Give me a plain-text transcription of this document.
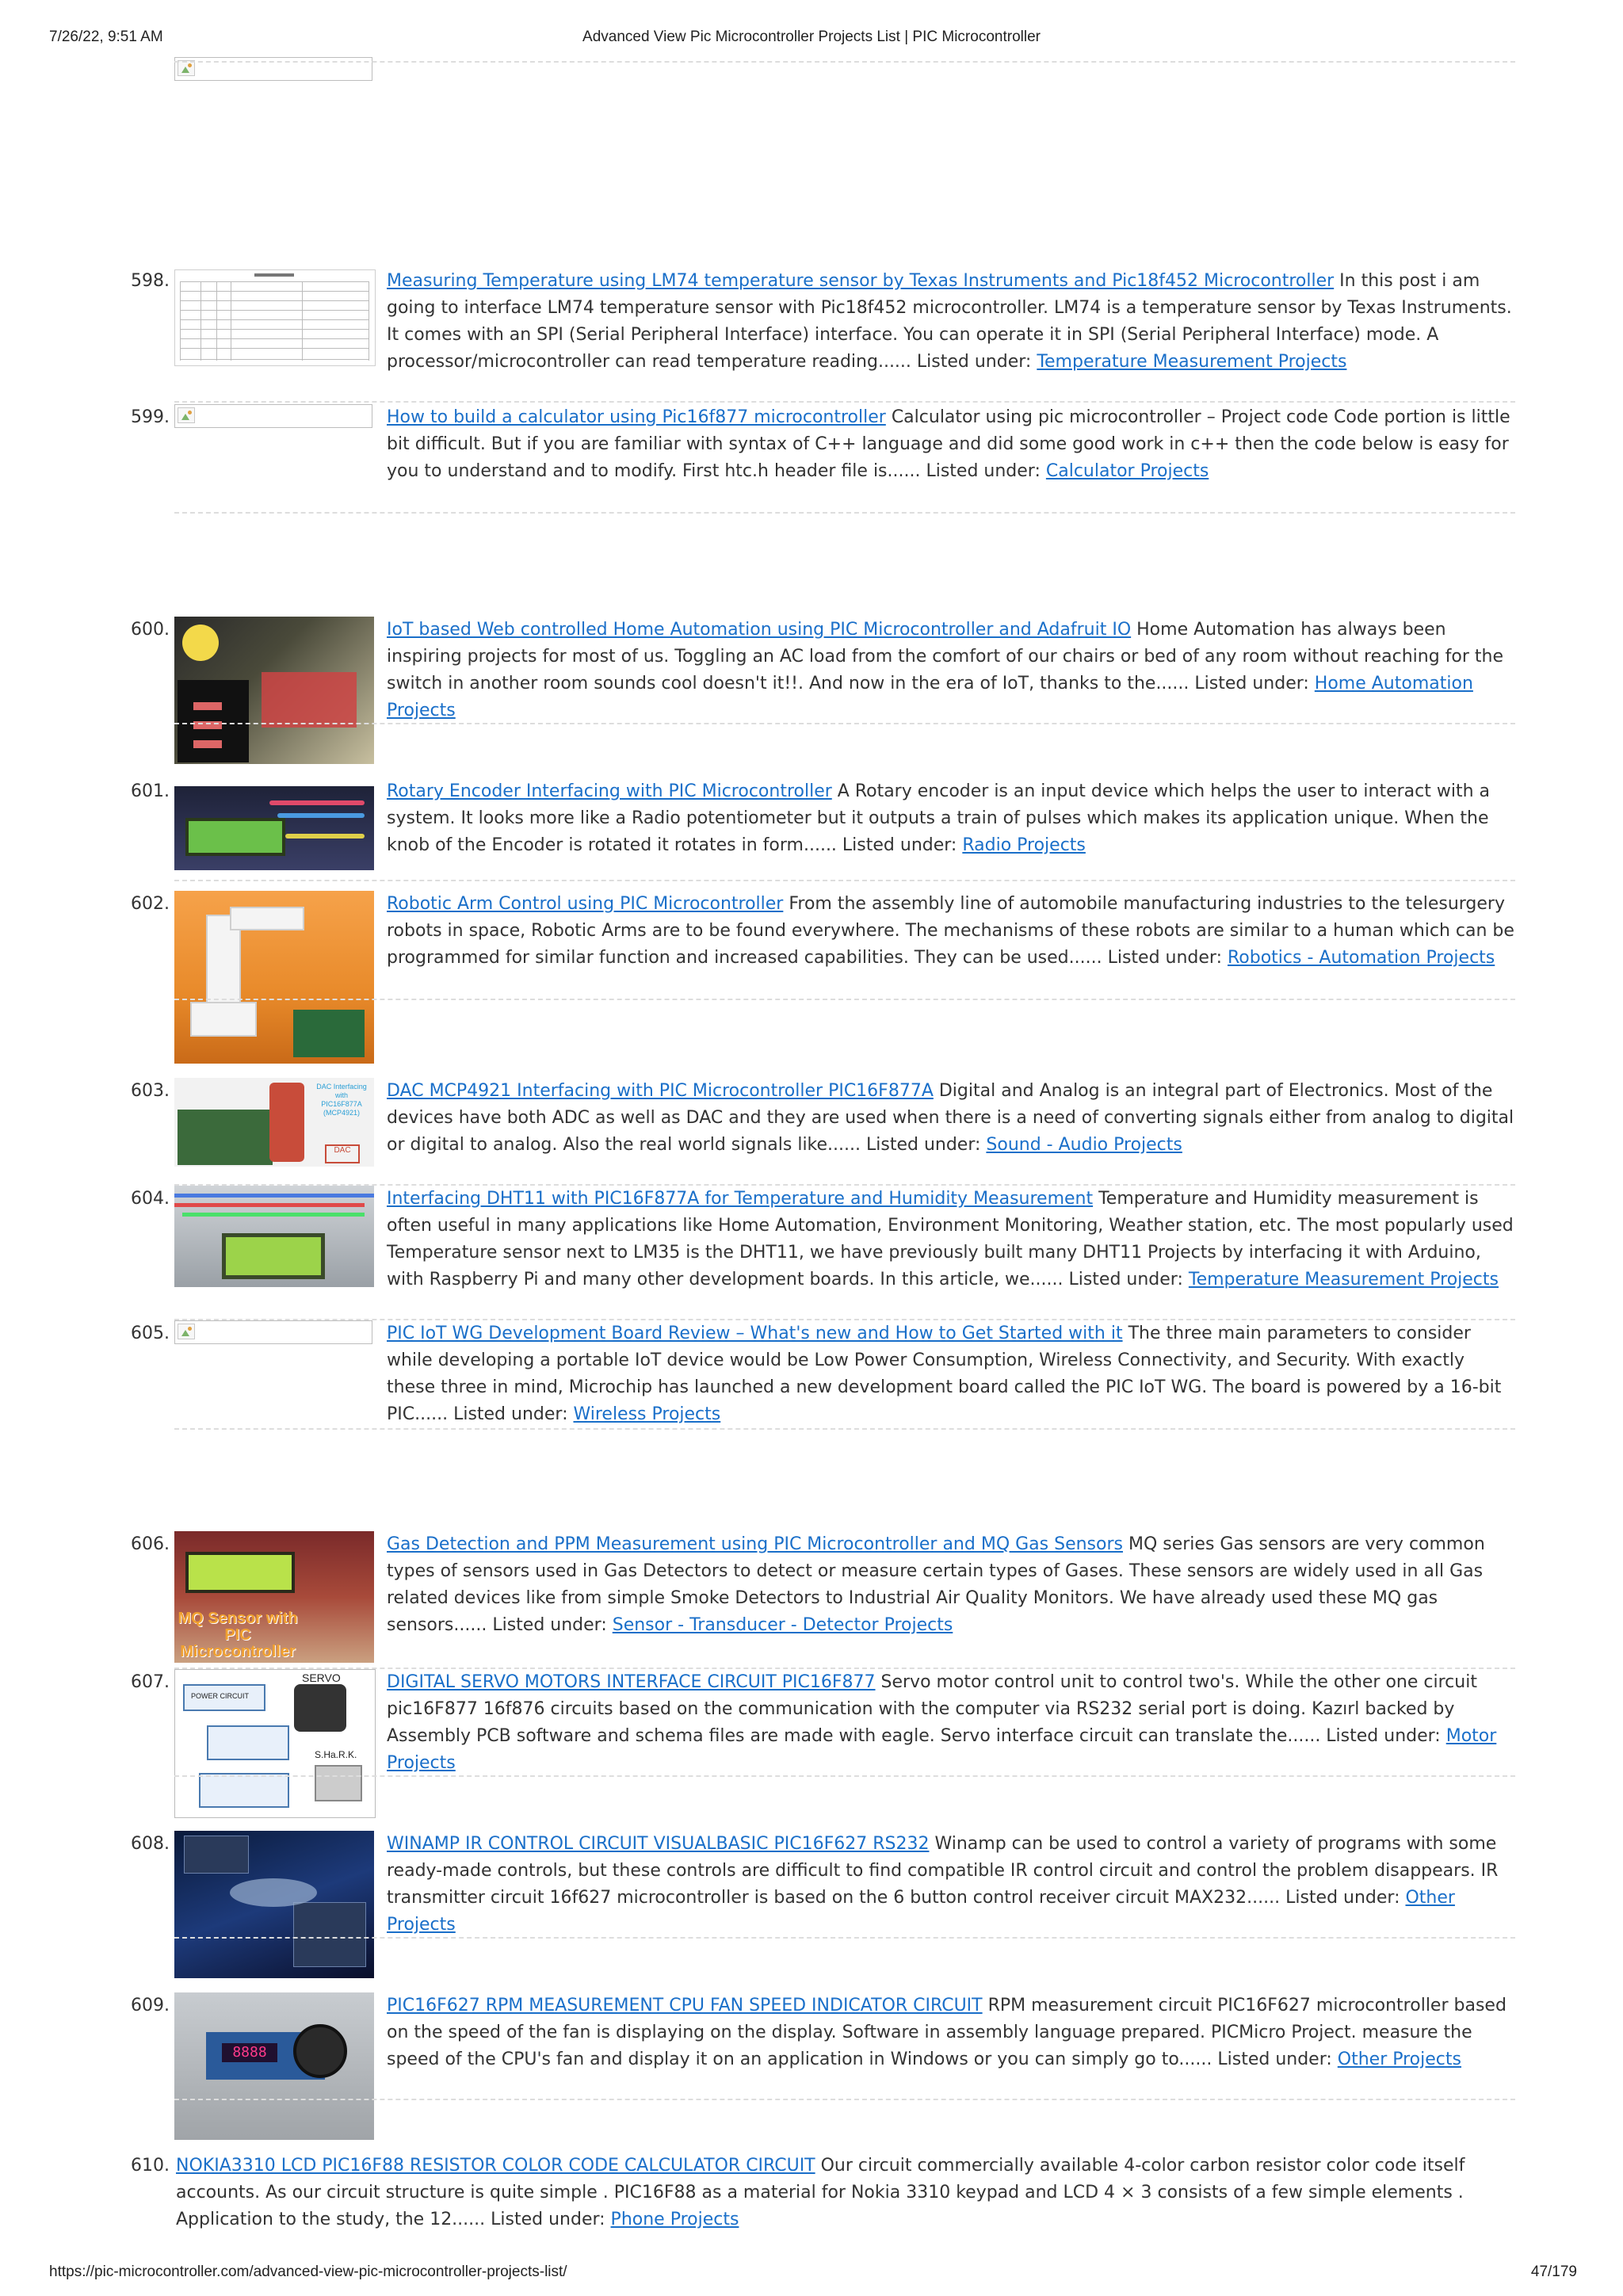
7/26/22, 9:51 AM	Advanced View Pic Microcontroller Projects List | PIC Microcontroller
598.	Measuring Temperature using LM74 temperature sensor by Texas Instruments and Pic18f452 Microcontroller In this post i am going to interface LM74 temperature sensor with Pic18f452 microcontroller. LM74 is a temperature sensor by Texas Instruments. It comes with an SPI (Serial Peripheral Interface) interface. You can operate it in SPI (Serial Peripheral Interface) mode. A processor/microcontroller can read temperature reading...... Listed under: Temperature Measurement Projects

599.	How to build a calculator using Pic16f877 microcontroller Calculator using pic microcontroller – Project code Code portion is little bit difficult. But if you are familiar with syntax of C++ language and did some good work in c++ then the code below is easy for you to understand and to modify. First htc.h header file is...... Listed under: Calculator Projects

600.	IoT based Web controlled Home Automation using PIC Microcontroller and Adafruit IO Home Automation has always been inspiring projects for most of us. Toggling an AC load from the comfort of our chairs or bed of any room without reaching for the switch in another room sounds cool doesn't it!!. And now in the era of IoT, thanks to the...... Listed under: Home Automation Projects

601.	Rotary Encoder Interfacing with PIC Microcontroller A Rotary encoder is an input device which helps the user to interact with a system. It looks more like a Radio potentiometer but it outputs a train of pulses which makes its application unique. When the knob of the Encoder is rotated it rotates in form...... Listed under: Radio Projects

602.	Robotic Arm Control using PIC Microcontroller From the assembly line of automobile manufacturing industries to the telesurgery robots in space, Robotic Arms are to be found everywhere. The mechanisms of these robots are similar to a human which can be programmed for similar function and increased capabilities. They can be used...... Listed under: Robotics - Automation Projects

603.	DAC Interfacing with PIC16F877A (MCP4921)
DAC

DAC MCP4921 Interfacing with PIC Microcontroller PIC16F877A Digital and Analog is an integral part of Electronics. Most of the devices have both ADC as well as DAC and they are used when there is a need of converting signals either from analog to digital or digital to analog. Also the real world signals like...... Listed under: Sound - Audio Projects

604.	Interfacing DHT11 with PIC16F877A for Temperature and Humidity Measurement Temperature and Humidity measurement is often useful in many applications like Home Automation, Environment Monitoring, Weather station, etc. The most popularly used Temperature sensor next to LM35 is the DHT11, we have previously built many DHT11 Projects by interfacing it with Arduino, with Raspberry Pi and many other development boards. In this article, we...... Listed under: Temperature Measurement Projects

605.	PIC IoT WG Development Board Review – What's new and How to Get Started with it The three main parameters to consider while developing a portable IoT device would be Low Power Consumption, Wireless Connectivity, and Security. With exactly these three in mind, Microchip has launched a new development board called the PIC IoT WG. The board is powered by a 16-bit PIC...... Listed under: Wireless Projects

606.
MQ Sensor with PIC Microcontroller

Gas Detection and PPM Measurement using PIC Microcontroller and MQ Gas Sensors MQ series Gas sensors are very common types of sensors used in Gas Detectors to detect or measure certain types of Gases. These sensors are widely used in all Gas related devices like from simple Smoke Detectors to Industrial Air Quality Monitors. We have already used these MQ gas sensors...... Listed under: Sensor - Transducer - Detector Projects

607.	SERVO
POWER CIRCUIT
S.Ha.R.K.

DIGITAL SERVO MOTORS INTERFACE CIRCUIT PIC16F877 Servo motor control unit to control two's. While the other one circuit pic16F877 16f876 circuits based on the communication with the computer via RS232 serial port is doing. Kazırl backed by Assembly PCB software and schema files are made with eagle. Servo interface circuit can translate the...... Listed under: Motor Projects

608.	WINAMP IR CONTROL CIRCUIT VISUALBASIC PIC16F627 RS232 Winamp can be used to control a variety of programs with some ready-made controls, but these controls are difficult to find compatible IR control circuit and control the problem disappears. IR transmitter circuit 16f627 microcontroller is based on the 6 button control receiver circuit MAX232...... Listed under: Other Projects

609.
8888

PIC16F627 RPM MEASUREMENT CPU FAN SPEED INDICATOR CIRCUIT RPM measurement circuit PIC16F627 microcontroller based on the speed of the fan is displaying on the display. Software in assembly language prepared. PICMicro Project. measure the speed of the CPU's fan and display it on an application in Windows or you can simply go to...... Listed under: Other Projects

610. NOKIA3310 LCD PIC16F88 RESISTOR COLOR CODE CALCULATOR CIRCUIT Our circuit commercially available 4-color carbon resistor color code itself accounts. As our circuit structure is quite simple . PIC16F88 as a material for Nokia 3310 keypad and LCD 4 × 3 consists of a few simple elements . Application to the study, the 12...... Listed under: Phone Projects

https://pic-microcontroller.com/advanced-view-pic-microcontroller-projects-list/	47/179
